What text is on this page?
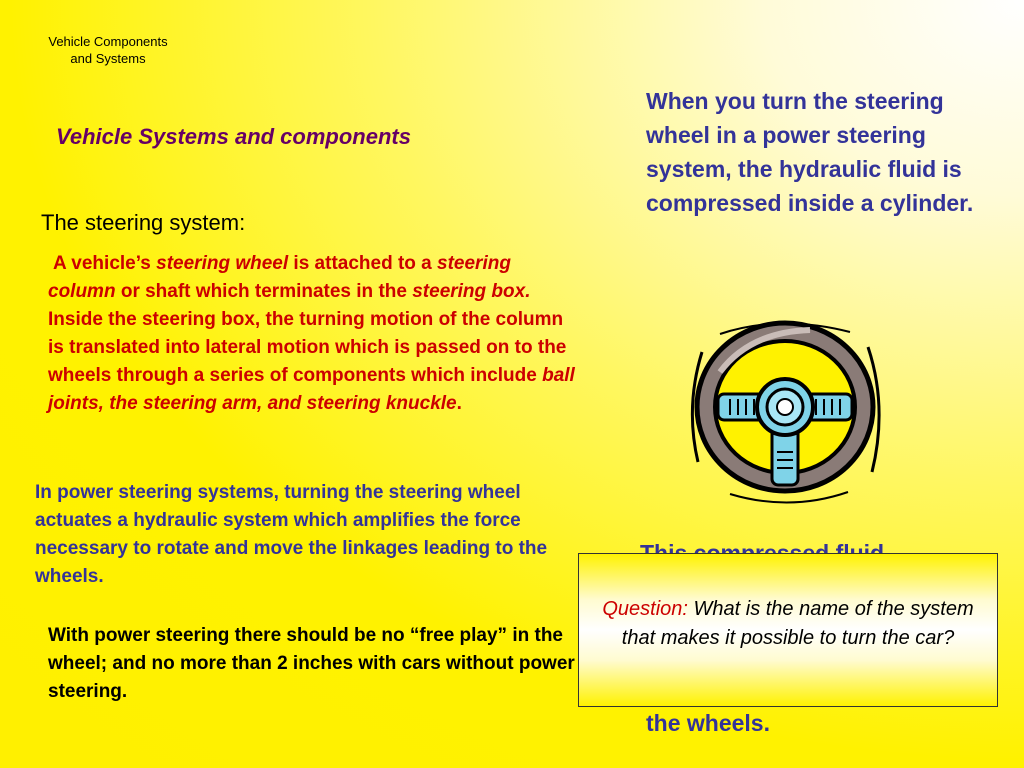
Vehicle Components
and Systems
Vehicle Systems and components
The steering system:
A vehicle’s steering wheel is attached to a steering column or shaft which terminates in the steering box. Inside the steering box, the turning motion of the column is translated into lateral motion which is passed on to the wheels through a series of components which include ball joints, the steering arm, and steering knuckle.
In power steering systems, turning the steering wheel actuates a hydraulic system which amplifies the force necessary to rotate and move the linkages leading to the wheels.
With power steering there should be no “free play” in the wheel; and no more than 2 inches with cars without power steering.
When you turn the steering wheel in a power steering system, the hydraulic fluid is compressed inside a cylinder.
the wheels.
Question: What is the name of the system that makes it possible to turn the car?
